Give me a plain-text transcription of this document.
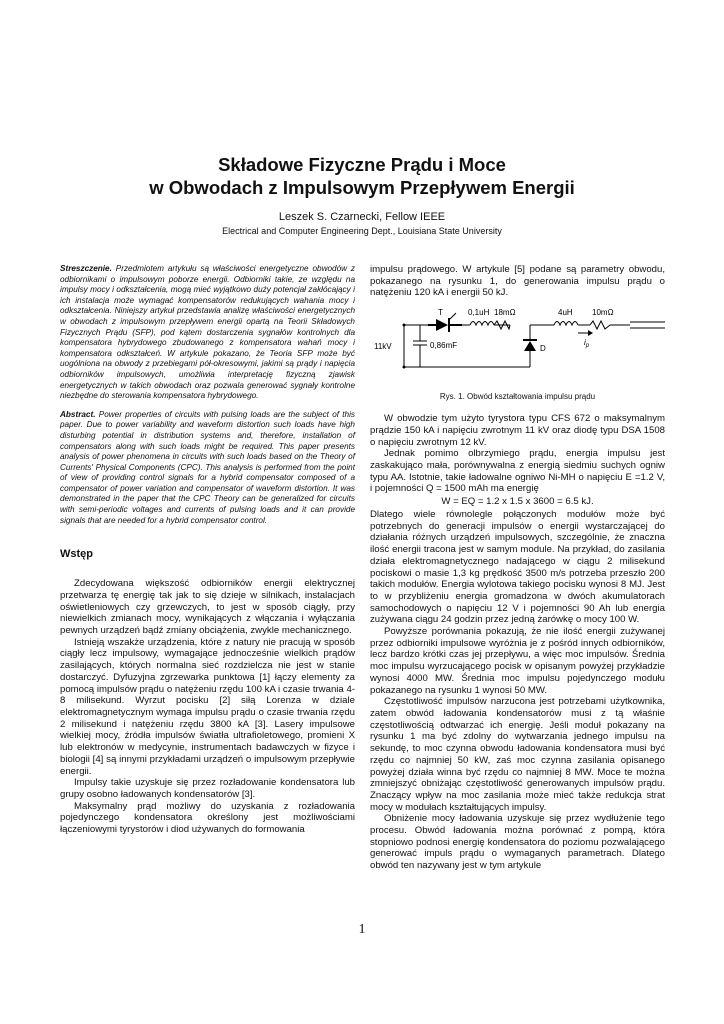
Składowe Fizyczne Prądu i Moce
w Obwodach z Impulsowym Przepływem Energii

Leszek S. Czarnecki, Fellow IEEE

Electrical and Computer Engineering Dept., Louisiana State University

Streszczenie. Przedmiotem artykułu są właściwości energetyczne obwodów z odbiornikami o impulsowym poborze energii. Odbiorniki takie, ze względu na impulsy mocy i odkształcenia, mogą mieć wyjątkowo duży potencjał zakłócający i ich instalacja może wymagać kompensatorów redukujących wahania mocy i odkształcenia. Niniejszy artykuł przedstawia analizę właściwości energetycznych w obwodach z impulsowym przepływem energii opartą na Teorii Składowych Fizycznych Prądu (SFP), pod kątem dostarczenia sygnałów kontrolnych dla kompensatora hybrydowego zbudowanego z kompensatora wahań mocy i kompensatora odkształceń. W artykule pokazano, że Teoria SFP może być uogólniona na obwody z przebiegami pół-okresowymi, jakimi są prądy i napięcia odbiorników impulsowych, umożliwia interpretację fizyczną zjawisk energetycznych w takich obwodach oraz pozwala generować sygnały kontrolne niezbędne do sterowania kompensatora hybrydowego.

Abstract. Power properties of circuits with pulsing loads are the subject of this paper. Due to power variability and waveform distortion such loads have high disturbing potential in distribution systems and, therefore, installation of compensators along with such loads might be required. This paper presents analysis of power phenomena in circuits with such loads based on the Theory of Currents' Physical Components (CPC). This analysis is performed from the point of view of providing control signals for a hybrid compensator composed of a compensator of power variation and compensator of waveform distortion. It was demonstrated in the paper that the CPC Theory can be generalized for circuits with semi-periodic voltages and currents of pulsing loads and it can provide signals that are needed for a hybrid compensator control.

Wstęp

Zdecydowana większość odbiorników energii elektrycznej przetwarza tę energię tak jak to się dzieje w silnikach, instalacjach oświetleniowych czy grzewczych, to jest w sposób ciągły, przy niewielkich zmianach mocy, wynikających z włączania i wyłączania pewnych urządzeń bądź zmiany obciążenia, zwykle mechanicznego.

Istnieją wszakże urządzenia, które z natury nie pracują w sposób ciągły lecz impulsowy, wymagające jednocześnie wielkich prądów zasilających, których normalna sieć rozdzielcza nie jest w stanie dostarczyć. Dyfuzyjna zgrzewarka punktowa [1] łączy elementy za pomocą impulsów prądu o natężeniu rzędu 100 kA i czasie trwania 4-8 milisekund. Wyrzut pocisku [2] siłą Lorenza w dziale elektromagnetycznym wymaga impulsu prądu o czasie trwania rzędu 2 milisekund i natężeniu rzędu 3800 kA [3]. Lasery impulsowe wielkiej mocy, źródła impulsów światła ultrafioletowego, promieni X lub elektronów w medycynie, instrumentach badawczych w fizyce i biologii [4] są innymi przykładami urządzeń o impulsowym przepływie energii.

Impulsy takie uzyskuje się przez rozładowanie kondensatora lub grupy osobno ładowanych kondensatorów [3].

Maksymalny prąd możliwy do uzyskania z rozładowania pojedynczego kondensatora określony jest możliwościami łączeniowymi tyrystorów i diod używanych do formowania

impulsu prądowego. W artykule [5] podane są parametry obwodu, pokazanego na rysunku 1, do generowania impulsu prądu o natężeniu 120 kA i energii 50 kJ.

11kV	0,86mF
T	0,1uH 18mΩ	4uH 10mΩ
$i_p$
D

Rys. 1. Obwód kształtowania impulsu prądu

W obwodzie tym użyto tyrystora typu CFS 672 o maksymalnym prądzie 150 kA i napięciu zwrotnym 11 kV oraz diodę typu DSA 1508 o napięciu zwrotnym 12 kV.

Jednak pomimo olbrzymiego prądu, energia impulsu jest zaskakująco mała, porównywalna z energią siedmiu suchych ogniw typu AA. Istotnie, takie ładowalne ogniwo Ni-MH o napięciu E =1.2 V, i pojemności Q = 1500 mAh ma energię

W = EQ = 1.2 x 1.5 x 3600 = 6.5 kJ.

Dlatego wiele równolegle połączonych modułów może być potrzebnych do generacji impulsów o energii wystarczającej do działania różnych urządzeń impulsowych, szczególnie, że znaczna ilość energii tracona jest w samym module. Na przykład, do zasilania działa elektromagnetycznego nadającego w ciągu 2 milisekund pociskowi o masie 1,3 kg prędkość 3500 m/s potrzeba przeszło 200 takich modułów. Energia wylotowa takiego pocisku wynosi 8 MJ. Jest to w przybliżeniu energia gromadzona w dwóch akumulatorach samochodowych o napięciu 12 V i pojemności 90 Ah lub energia zużywana ciągu 24 godzin przez jedną żarówkę o mocy 100 W.

Powyższe porównania pokazują, że nie ilość energii zużywanej przez odbiorniki impulsowe wyróżnia je z pośród innych odbiorników, lecz bardzo krótki czas jej przepływu, a więc moc impulsów. Średnia moc impulsu wyrzucającego pocisk w opisanym powyżej przykładzie wynosi 4000 MW. Średnia moc impulsu pojedynczego modułu pokazanego na rysunku 1 wynosi 50 MW.

Częstotliwość impulsów narzucona jest potrzebami użytkownika, zatem obwód ładowania kondensatorów musi z tą właśnie częstotliwością odtwarzać ich energię. Jeśli moduł pokazany na rysunku 1 ma być zdolny do wytwarzania jednego impulsu na sekundę, to moc czynna obwodu ładowania kondensatora musi być rzędu co najmniej 50 kW, zaś moc czynna zasilania opisanego powyżej działa winna być rzędu co najmniej 8 MW. Moce te można zmniejszyć obniżając częstotliwość generowanych impulsów prądu. Znaczący wpływ na moc zasilania może mieć także redukcja strat mocy w modułach kształtujących impulsy.

Obniżenie mocy ładowania uzyskuje się przez wydłużenie tego procesu. Obwód ładowania można porównać z pompą, która stopniowo podnosi energię kondensatora do poziomu pozwalającego generować impuls prądu o wymaganych parametrach. Dlatego obwód ten nazywany jest w tym artykule

1
